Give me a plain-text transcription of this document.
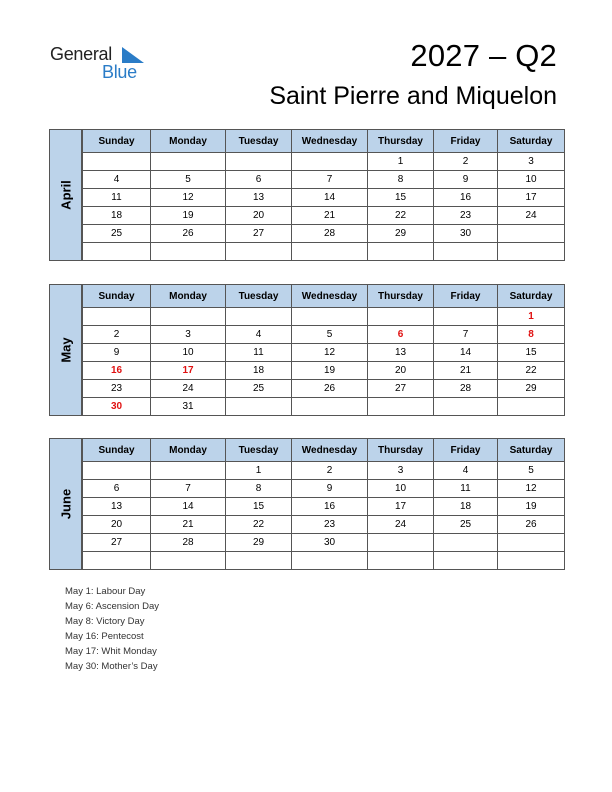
General
Blue	2027 – Q2
Saint Pierre and Miquelon
Sunday	Monday	Tuesday	Wednesday	Thursday	Friday	Saturday
				1	2	3
4	5	6	7	8	9	10
11	12	13	14	15	16	17
18	19	20	21	22	23	24
25	26	27	28	29	30	

April
Sunday	Monday	Tuesday	Wednesday	Thursday	Friday	Saturday
						1
2	3	4	5	6	7	8
9	10	11	12	13	14	15
16	17	18	19	20	21	22
23	24	25	26	27	28	29
30	31					
May
Sunday	Monday	Tuesday	Wednesday	Thursday	Friday	Saturday
		1	2	3	4	5
6	7	8	9	10	11	12
13	14	15	16	17	18	19
20	21	22	23	24	25	26
27	28	29	30			

June
May 1: Labour Day
May 6: Ascension Day
May 8: Victory Day
May 16: Pentecost
May 17: Whit Monday
May 30: Mother’s Day
